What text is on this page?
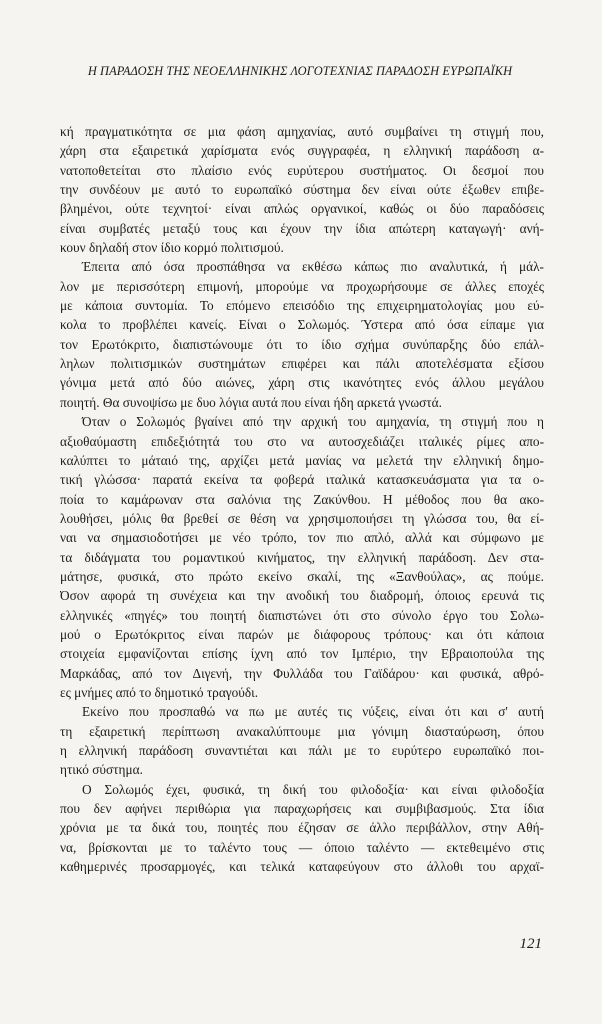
Η ΠΑΡΑΔΟΣΗ ΤΗΣ ΝΕΟΕΛΛΗΝΙΚΗΣ ΛΟΓΟΤΕΧΝΙΑΣ ΠΑΡΑΔΟΣΗ ΕΥΡΩΠΑΪΚΗ
κή πραγματικότητα σε μια φάση αμηχανίας, αυτό συμβαίνει τη στιγμή που,
χάρη στα εξαιρετικά χαρίσματα ενός συγγραφέα, η ελληνική παράδοση α-
νατοποθετείται στο πλαίσιο ενός ευρύτερου συστήματος. Οι δεσμοί που
την συνδέουν με αυτό το ευρωπαϊκό σύστημα δεν είναι ούτε έξωθεν επιβε-
βλημένοι, ούτε τεχνητοί· είναι απλώς οργανικοί, καθώς οι δύο παραδόσεις
είναι συμβατές μεταξύ τους και έχουν την ίδια απώτερη καταγωγή· ανή-
κουν δηλαδή στον ίδιο κορμό πολιτισμού.
Έπειτα από όσα προσπάθησα να εκθέσω κάπως πιο αναλυτικά, ή μάλ-
λον με περισσότερη επιμονή, μπορούμε να προχωρήσουμε σε άλλες εποχές
με κάποια συντομία. Το επόμενο επεισόδιο της επιχειρηματολογίας μου εύ-
κολα το προβλέπει κανείς. Είναι ο Σολωμός. Ύστερα από όσα είπαμε για
τον Ερωτόκριτο, διαπιστώνουμε ότι το ίδιο σχήμα συνύπαρξης δύο επάλ-
ληλων πολιτισμικών συστημάτων επιφέρει και πάλι αποτελέσματα εξίσου
γόνιμα μετά από δύο αιώνες, χάρη στις ικανότητες ενός άλλου μεγάλου
ποιητή. Θα συνοψίσω με δυο λόγια αυτά που είναι ήδη αρκετά γνωστά.
Όταν ο Σολωμός βγαίνει από την αρχική του αμηχανία, τη στιγμή που η
αξιοθαύμαστη επιδεξιότητά του στο να αυτοσχεδιάζει ιταλικές ρίμες απο-
καλύπτει το μάταιό της, αρχίζει μετά μανίας να μελετά την ελληνική δημο-
τική γλώσσα· παρατά εκείνα τα φοβερά ιταλικά κατασκευάσματα για τα ο-
ποία το καμάρωναν στα σαλόνια της Ζακύνθου. Η μέθοδος που θα ακο-
λουθήσει, μόλις θα βρεθεί σε θέση να χρησιμοποιήσει τη γλώσσα του, θα εί-
ναι να σημασιοδοτήσει με νέο τρόπο, τον πιο απλό, αλλά και σύμφωνο με
τα διδάγματα του ρομαντικού κινήματος, την ελληνική παράδοση. Δεν στα-
μάτησε, φυσικά, στο πρώτο εκείνο σκαλί, της «Ξανθούλας», ας πούμε.
Όσον αφορά τη συνέχεια και την ανοδική του διαδρομή, όποιος ερευνά τις
ελληνικές «πηγές» του ποιητή διαπιστώνει ότι στο σύνολο έργο του Σολω-
μού ο Ερωτόκριτος είναι παρών με διάφορους τρόπους· και ότι κάποια
στοιχεία εμφανίζονται επίσης ίχνη από τον Ιμπέριο, την Εβραιοπούλα της
Μαρκάδας, από τον Διγενή, την Φυλλάδα του Γαϊδάρου· και φυσικά, αθρό-
ες μνήμες από το δημοτικό τραγούδι.
Εκείνο που προσπαθώ να πω με αυτές τις νύξεις, είναι ότι και σ' αυτή
τη εξαιρετική περίπτωση ανακαλύπτουμε μια γόνιμη διασταύρωση, όπου
η ελληνική παράδοση συναντιέται και πάλι με το ευρύτερο ευρωπαϊκό ποι-
ητικό σύστημα.
Ο Σολωμός έχει, φυσικά, τη δική του φιλοδοξία· και είναι φιλοδοξία
που δεν αφήνει περιθώρια για παραχωρήσεις και συμβιβασμούς. Στα ίδια
χρόνια με τα δικά του, ποιητές που έζησαν σε άλλο περιβάλλον, στην Αθή-
να, βρίσκονται με το ταλέντο τους — όποιο ταλέντο — εκτεθειμένο στις
καθημερινές προσαρμογές, και τελικά καταφεύγουν στο άλλοθι του αρχαϊ-
121
